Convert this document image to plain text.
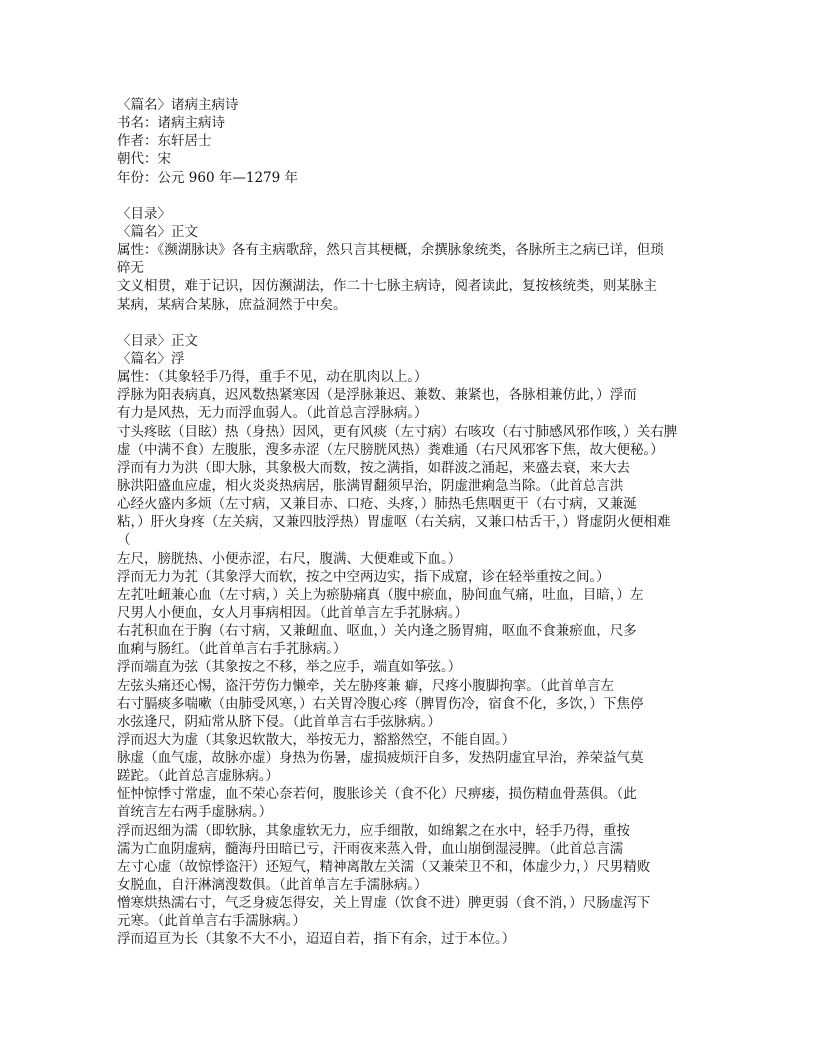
〈篇名〉诸病主病诗
书名：诸病主病诗
作者：东轩居士
朝代：宋
年份：公元 960 年—1279 年
〈目录〉
〈篇名〉正文
属性：《濒湖脉诀》各有主病歌辞，然只言其梗概，余撰脉象统类，各脉所主之病已详，但琐
碎无
文义相贯，难于记识，因仿濒湖法，作二十七脉主病诗，阅者读此，复按核统类，则某脉主
某病，某病合某脉，庶益洞然于中矣。
〈目录〉正文
〈篇名〉浮
属性：（其象轻手乃得，重手不见，动在肌肉以上。）
浮脉为阳表病真，迟风数热紧寒因（是浮脉兼迟、兼数、兼紧也，各脉相兼仿此，）浮而
有力是风热，无力而浮血弱人。（此首总言浮脉病。）
寸头疼眩（目眩）热（身热）因风，更有风痰（左寸病）右咳攻（右寸肺感风邪作咳，）关右脾
虚（中满不食）左腹胀，溲多赤涩（左尺膀胱风热）粪难通（右尺风邪客下焦，故大便秘。）
浮而有力为洪（即大脉，其象极大而数，按之满指，如群波之涌起，来盛去衰，来大去
脉洪阳盛血应虚，相火炎炎热病居，胀满胃翻须早治，阴虚泄痢急当除。（此首总言洪
心经火盛内多烦（左寸病，又兼目赤、口疮、头疼，）肺热毛焦咽更干（右寸病，又兼涎
粘，）肝火身疼（左关病，又兼四肢浮热）胃虚呕（右关病，又兼口枯舌干，）肾虚阴火便相难
（
左尺，膀胱热、小便赤涩，右尺，腹满、大便难或下血。）
浮而无力为芤（其象浮大而软，按之中空两边实，指下成窟，诊在轻举重按之间。）
左芤吐衄兼心血（左寸病，）关上为瘀胁痛真（腹中瘀血，胁间血气痛，吐血，目暗，）左
尺男人小便血，女人月事病相因。（此首单言左手芤脉病。）
右芤积血在于胸（右寸病，又兼衄血、呕血，）关内逢之肠胃痈，呕血不食兼瘀血，尺多
血痢与肠红。（此首单言右手芤脉病。）
浮而端直为弦（其象按之不移，举之应手，端直如筝弦。）
左弦头痛还心惕，盗汗劳伤力懒牵，关左胁疼兼 癖，尺疼小腹脚拘挛。（此首单言左
右寸膈痰多喘嗽（由肺受风寒，）右关胃冷腹心疼（脾胃伤冷，宿食不化，多饮，）下焦停
水弦逢尺，阴疝常从脐下侵。（此首单言右手弦脉病。）
浮而迟大为虚（其象迟软散大，举按无力，豁豁然空，不能自固。）
脉虚（血气虚，故脉亦虚）身热为伤暑，虚损疲烦汗自多，发热阴虚宜早治，养荣益气莫
蹉跎。（此首总言虚脉病。）
怔忡惊悸寸常虚，血不荣心奈若何，腹胀诊关（食不化）尺痹痿，损伤精血骨蒸俱。（此
首统言左右两手虚脉病。）
浮而迟细为濡（即软脉，其象虚软无力，应手细散，如绵絮之在水中，轻手乃得，重按
濡为亡血阴虚病，髓海丹田暗已亏，汗雨夜来蒸入骨，血山崩倒湿浸脾。（此首总言濡
左寸心虚（故惊悸盗汗）还短气，精神离散左关濡（又兼荣卫不和，体虚少力，）尺男精败
女脱血，自汗淋漓溲数俱。（此首单言左手濡脉病。）
憎寒烘热濡右寸，气乏身疲怎得安，关上胃虚（饮食不进）脾更弱（食不消，）尺肠虚泻下
元寒。（此首单言右手濡脉病。）
浮而迢亘为长（其象不大不小，迢迢自若，指下有余，过于本位。）
